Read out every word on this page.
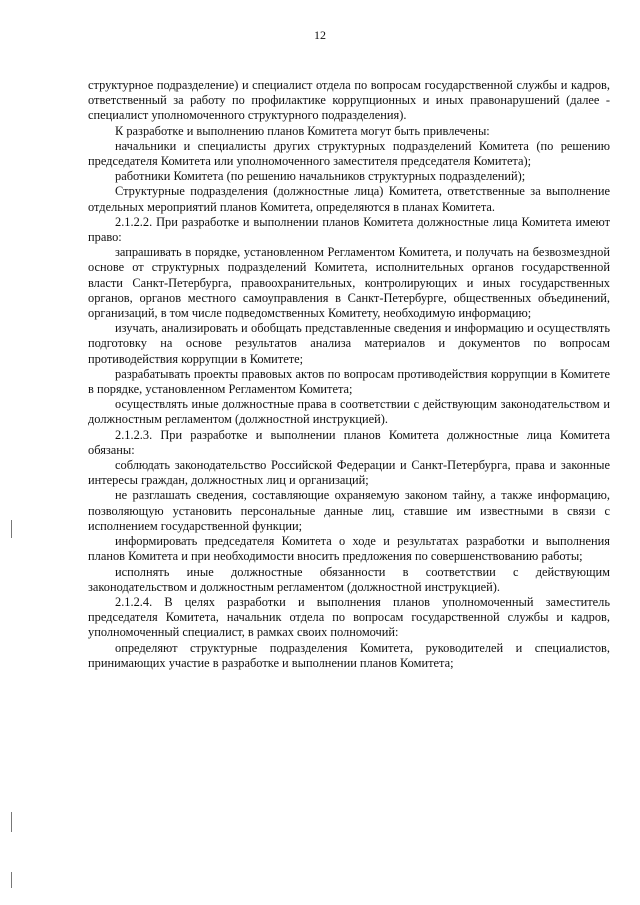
12

структурное подразделение) и специалист отдела по вопросам государственной службы и кадров, ответственный за работу по профилактике коррупционных и иных правонарушений (далее - специалист уполномоченного структурного подразделения).

К разработке и выполнению планов Комитета могут быть привлечены:

начальники и специалисты других структурных подразделений Комитета (по решению председателя Комитета или уполномоченного заместителя председателя Комитета);

работники Комитета (по решению начальников структурных подразделений);

Структурные подразделения (должностные лица) Комитета, ответственные за выполнение отдельных мероприятий планов Комитета, определяются в планах Комитета.

2.1.2.2. При разработке и выполнении планов Комитета должностные лица Комитета имеют право:

запрашивать в порядке, установленном Регламентом Комитета, и получать на безвозмездной основе от структурных подразделений Комитета, исполнительных органов государственной власти Санкт-Петербурга, правоохранительных, контролирующих и иных государственных органов, органов местного самоуправления в Санкт-Петербурге, общественных объединений, организаций, в том числе подведомственных Комитету, необходимую информацию;

изучать, анализировать и обобщать представленные сведения и информацию и осуществлять подготовку на основе результатов анализа материалов и документов по вопросам противодействия коррупции в Комитете;

разрабатывать проекты правовых актов по вопросам противодействия коррупции в Комитете в порядке, установленном Регламентом Комитета;

осуществлять иные должностные права в соответствии с действующим законодательством и должностным регламентом (должностной инструкцией).

2.1.2.3. При разработке и выполнении планов Комитета должностные лица Комитета обязаны:

соблюдать законодательство Российской Федерации и Санкт-Петербурга, права и законные интересы граждан, должностных лиц и организаций;

не разглашать сведения, составляющие охраняемую законом тайну, а также информацию, позволяющую установить персональные данные лиц, ставшие им известными в связи с исполнением государственной функции;

информировать председателя Комитета о ходе и результатах разработки и выполнения планов Комитета и при необходимости вносить предложения по совершенствованию работы;

исполнять иные должностные обязанности в соответствии с действующим законодательством и должностным регламентом (должностной инструкцией).

2.1.2.4. В целях разработки и выполнения планов уполномоченный заместитель председателя Комитета, начальник отдела по вопросам государственной службы и кадров, уполномоченный специалист, в рамках своих полномочий:

определяют структурные подразделения Комитета, руководителей и специалистов, принимающих участие в разработке и выполнении планов Комитета;
